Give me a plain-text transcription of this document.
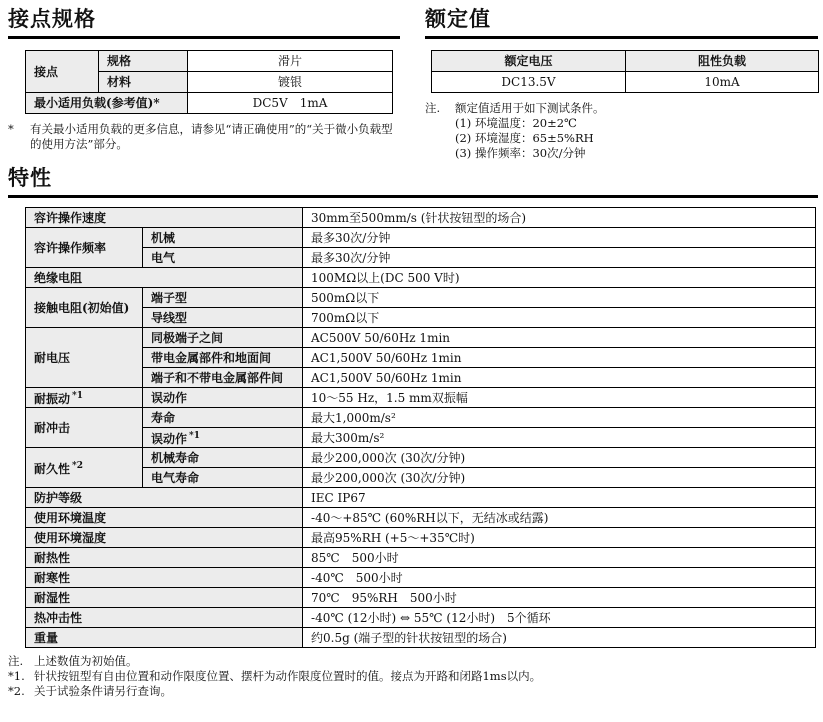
接点规格
接点	规格	滑片
	材料	镀银
最小适用负载(参考值)*		DC5V　1mA
*	有关最小适用负载的更多信息，请参见“请正确使用”的“关于微小负载型的使用方法”部分。
额定值
额定电压	阻性负载
DC13.5V	10mA
注.	额定值适用于如下测试条件。
(1) 环境温度：20±2℃
(2) 环境湿度：65±5%RH
(3) 操作频率：30次/分钟
特性
容许操作速度		30mm至500mm/s (针状按钮型的场合)
容许操作频率	机械	最多30次/分钟
	电气	最多30次/分钟
绝缘电阻		100MΩ以上(DC 500 V时)
接触电阻(初始值)	端子型	500mΩ以下
	导线型	700mΩ以下
耐电压	同极端子之间	AC500V 50/60Hz 1min
	带电金属部件和地面间	AC1,500V 50/60Hz 1min
	端子和不带电金属部件间	AC1,500V 50/60Hz 1min
耐振动 $^{*1}$	误动作	10～55 Hz，1.5 mm双振幅
耐冲击	寿命	最大1,000m/s²
	误动作 $^{*1}$	最大300m/s²
耐久性 $^{*2}$	机械寿命	最少200,000次 (30次/分钟)
	电气寿命	最少200,000次 (30次/分钟)
防护等级		IEC IP67
使用环境温度		-40～+85℃ (60%RH以下，无结冰或结露)
使用环境湿度		最高95%RH (+5～+35℃时)
耐热性		85℃　500小时
耐寒性		-40℃　500小时
耐湿性		70℃　95%RH　500小时
热冲击性		-40℃ (12小时) ⇔ 55℃ (12小时)　5个循环
重量		约0.5g (端子型的针状按钮型的场合)
注. 上述数值为初始值。
*1. 针状按钮型有自由位置和动作限度位置、摆杆为动作限度位置时的值。接点为开路和闭路1ms以内。
*2. 关于试验条件请另行查询。
